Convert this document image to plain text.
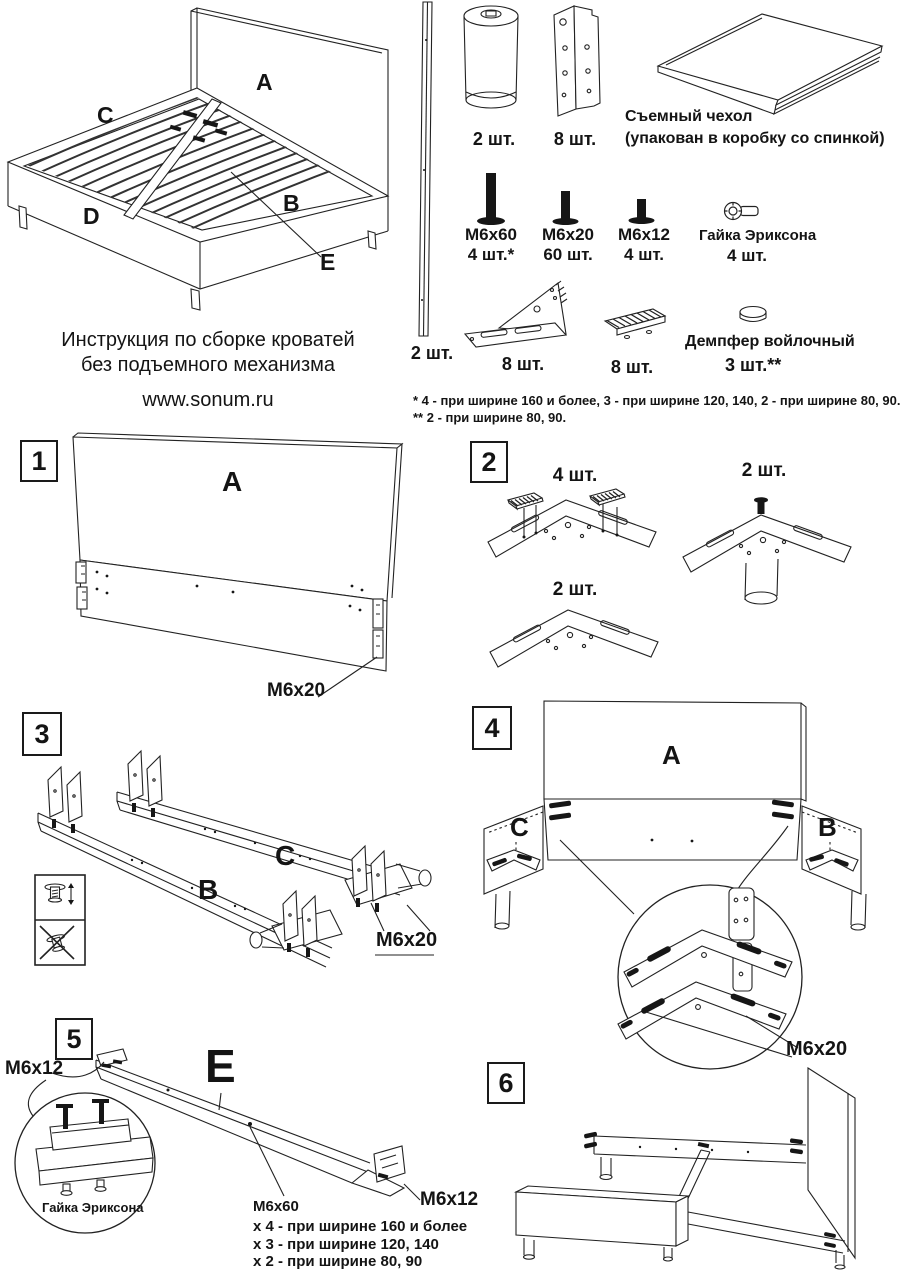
Инструкция по сборке кроватей
без подъемного механизма
www.sonum.ru
A
B
C
D
E
2 шт.
2 шт.	8 шт.
Съемный чехол
(упакован в коробку со спинкой)
M6x60
4 шт.*
M6x20
60 шт.
M6x12
4 шт.
Гайка Эриксона
4 шт.
8 шт.	8 шт.
Демпфер войлочный
3 шт.**
* 4 - при ширине 160 и более, 3 - при ширине 120, 140, 2 - при ширине 80, 90.
** 2 - при ширине 80, 90.
1
A
M6x20
2	4 шт.
2 шт.
2 шт.
3
B
C
M6x20
4
A
C	B
M6x20
5
M6x12	E
Гайка Эриксона	M6x60
x 4 - при ширине 160 и более
x 3 - при ширине 120, 140
x 2 - при ширине 80, 90
M6x12
6
